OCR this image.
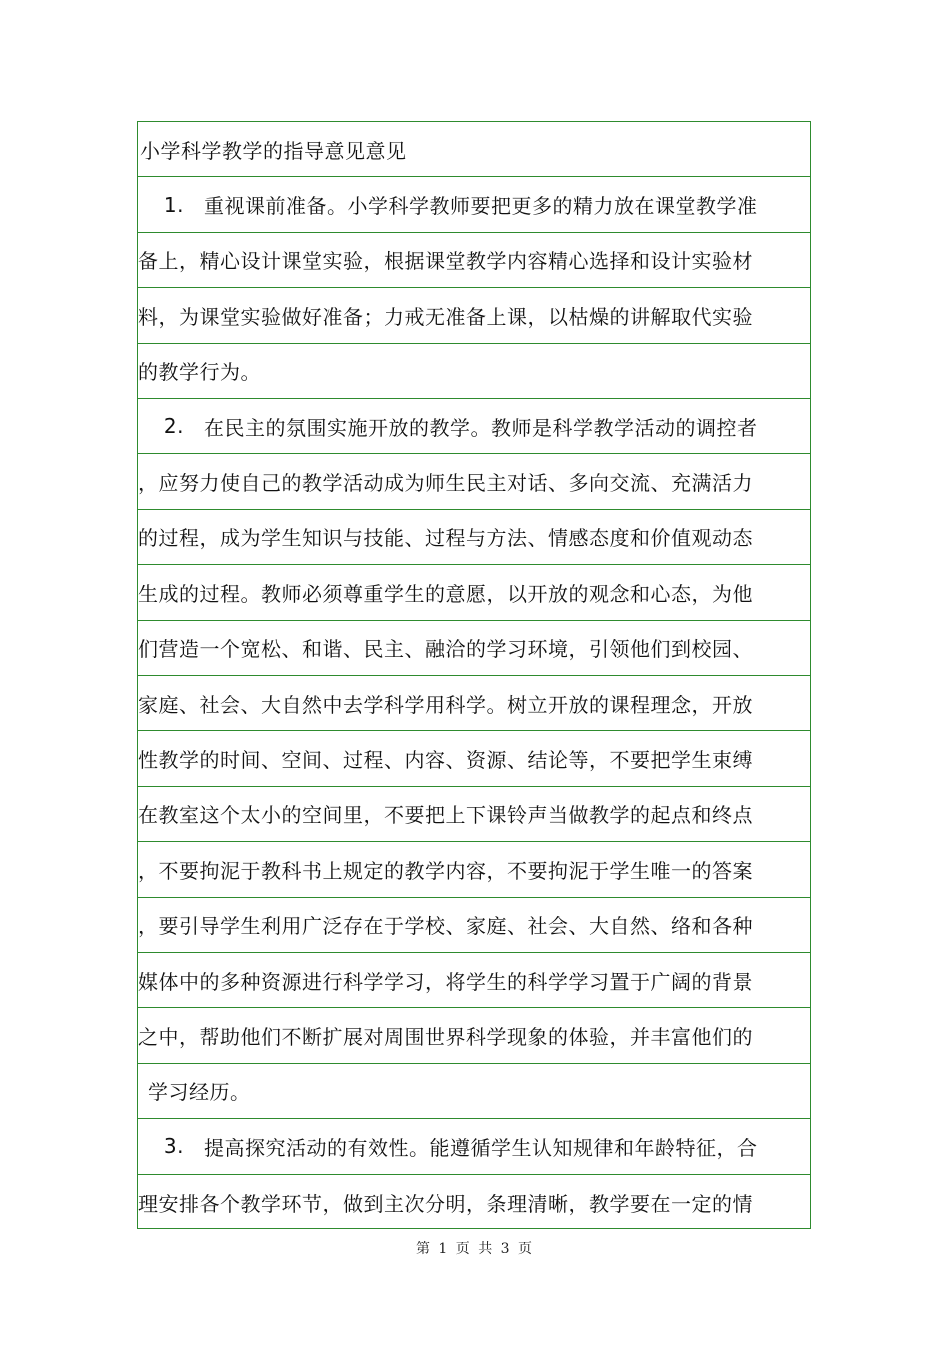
小学科学教学的指导意见意见
1.	重视课前准备。小学科学教师要把更多的精力放在课堂教学准
备上，精心设计课堂实验，根据课堂教学内容精心选择和设计实验材
料，为课堂实验做好准备；力戒无准备上课，以枯燥的讲解取代实验
的教学行为。
2.	在民主的氛围实施开放的教学。教师是科学教学活动的调控者
，应努力使自己的教学活动成为师生民主对话、多向交流、充满活力
的过程，成为学生知识与技能、过程与方法、情感态度和价值观动态
生成的过程。教师必须尊重学生的意愿，以开放的观念和心态，为他
们营造一个宽松、和谐、民主、融洽的学习环境，引领他们到校园、
家庭、社会、大自然中去学科学用科学。树立开放的课程理念，开放
性教学的时间、空间、过程、内容、资源、结论等，不要把学生束缚
在教室这个太小的空间里，不要把上下课铃声当做教学的起点和终点
，不要拘泥于教科书上规定的教学内容，不要拘泥于学生唯一的答案
，要引导学生利用广泛存在于学校、家庭、社会、大自然、络和各种
媒体中的多种资源进行科学学习，将学生的科学学习置于广阔的背景
之中，帮助他们不断扩展对周围世界科学现象的体验，并丰富他们的
学习经历。
3.	提高探究活动的有效性。能遵循学生认知规律和年龄特征，合
理安排各个教学环节，做到主次分明，条理清晰，教学要在一定的情
第 1 页 共 3 页
